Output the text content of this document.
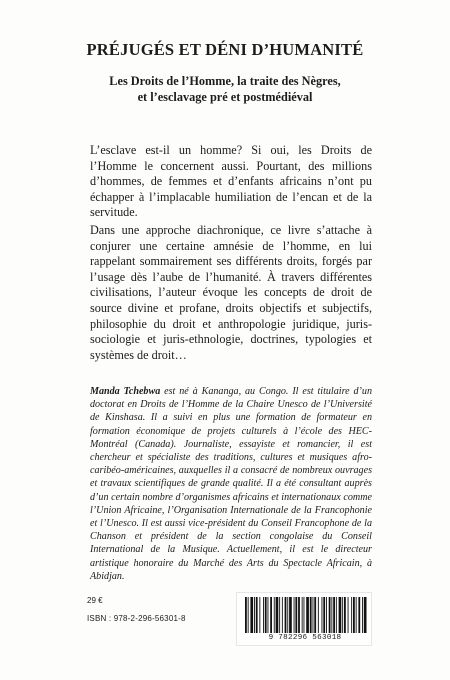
PRÉJUGÉS ET DÉNI D’HUMANITÉ
Les Droits de l’Homme, la traite des Nègres,
et l’esclavage pré et postmédiéval

L’esclave est-il un homme? Si oui, les Droits de l’Homme le concernent aussi. Pourtant, des millions d’hommes, de femmes et d’enfants africains n’ont pu échapper à l’implacable humiliation de l’encan et de la servitude.

Dans une approche diachronique, ce livre s’attache à conjurer une certaine amnésie de l’homme, en lui rappelant sommairement ses différents droits, forgés par l’usage dès l’aube de l’humanité. À travers différentes civilisations, l’auteur évoque les concepts de droit de source divine et profane, droits objectifs et subjectifs, philosophie du droit et anthropologie juridique, juris-sociologie et juris-ethnologie, doctrines, typologies et systèmes de droit…

Manda Tchebwa est né à Kananga, au Congo. Il est titulaire d’un doctorat en Droits de l’Homme de la Chaire Unesco de l’Université de Kinshasa. Il a suivi en plus une formation de formateur en formation économique de projets culturels à l’école des HEC-Montréal (Canada). Journaliste, essayiste et romancier, il est chercheur et spécialiste des traditions, cultures et musiques afro-caribéo-américaines, auxquelles il a consacré de nombreux ouvrages et travaux scientifiques de grande qualité. Il a été consultant auprès d’un certain nombre d’organismes africains et internationaux comme l’Union Africaine, l’Organisation Internationale de la Francophonie et l’Unesco. Il est aussi vice-président du Conseil Francophone de la Chanson et président de la section congolaise du Conseil International de la Musique. Actuellement, il est le directeur artistique honoraire du Marché des Arts du Spectacle Africain, à Abidjan.
29 €
ISBN : 978-2-296-56301-8
9 782296 563018
